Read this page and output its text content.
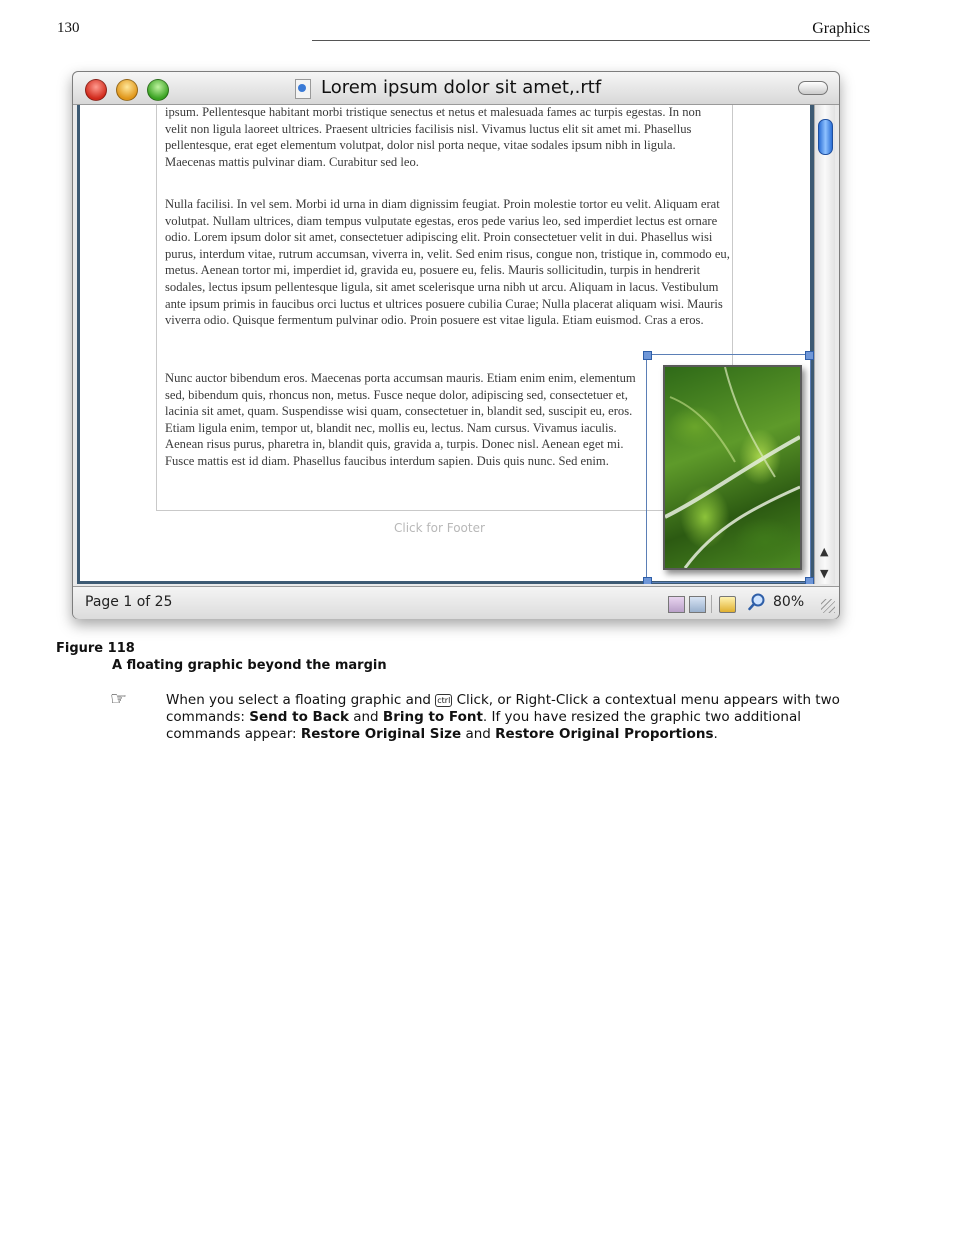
130	Graphics
Lorem ipsum dolor sit amet,.rtf

ipsum. Pellentesque habitant morbi tristique senectus et netus et malesuada fames ac turpis egestas. In non velit non ligula laoreet ultrices. Praesent ultricies facilisis nisl. Vivamus luctus elit sit amet mi. Phasellus pellentesque, erat eget elementum volutpat, dolor nisl porta neque, vitae sodales ipsum nibh in ligula. Maecenas mattis pulvinar diam. Curabitur sed leo.

Nulla facilisi. In vel sem. Morbi id urna in diam dignissim feugiat. Proin molestie tortor eu velit. Aliquam erat volutpat. Nullam ultrices, diam tempus vulputate egestas, eros pede varius leo, sed imperdiet lectus est ornare odio. Lorem ipsum dolor sit amet, consectetuer adipiscing elit. Proin consectetuer velit in dui. Phasellus wisi purus, interdum vitae, rutrum accumsan, viverra in, velit. Sed enim risus, congue non, tristique in, commodo eu, metus. Aenean tortor mi, imperdiet id, gravida eu, posuere eu, felis. Mauris sollicitudin, turpis in hendrerit sodales, lectus ipsum pellentesque ligula, sit amet scelerisque urna nibh ut arcu. Aliquam in lacus. Vestibulum ante ipsum primis in faucibus orci luctus et ultrices posuere cubilia Curae; Nulla placerat aliquam wisi. Mauris viverra odio. Quisque fermentum pulvinar odio. Proin posuere est vitae ligula. Etiam euismod. Cras a eros.

Nunc auctor bibendum eros. Maecenas porta accumsan mauris. Etiam enim enim, elementum sed, bibendum quis, rhoncus non, metus. Fusce neque dolor, adipiscing sed, consectetuer et, lacinia sit amet, quam. Suspendisse wisi quam, consectetuer in, blandit sed, suscipit eu, eros. Etiam ligula enim, tempor ut, blandit nec, mollis eu, lectus. Nam cursus. Vivamus iaculis. Aenean risus purus, pharetra in, blandit quis, gravida a, turpis. Donec nisl. Aenean eget mi. Fusce mattis est id diam. Phasellus faucibus interdum sapien. Duis quis nunc. Sed enim.

Click for Footer
▲
▼
Page 1 of 25	80%
Figure 118
A floating graphic beyond the margin
☞	When you select a floating graphic and ctrl Click, or Right-Click a contextual menu appears with two commands: Send to Back and Bring to Font. If you have resized the graphic two additional commands appear: Restore Original Size and Restore Original Proportions.
